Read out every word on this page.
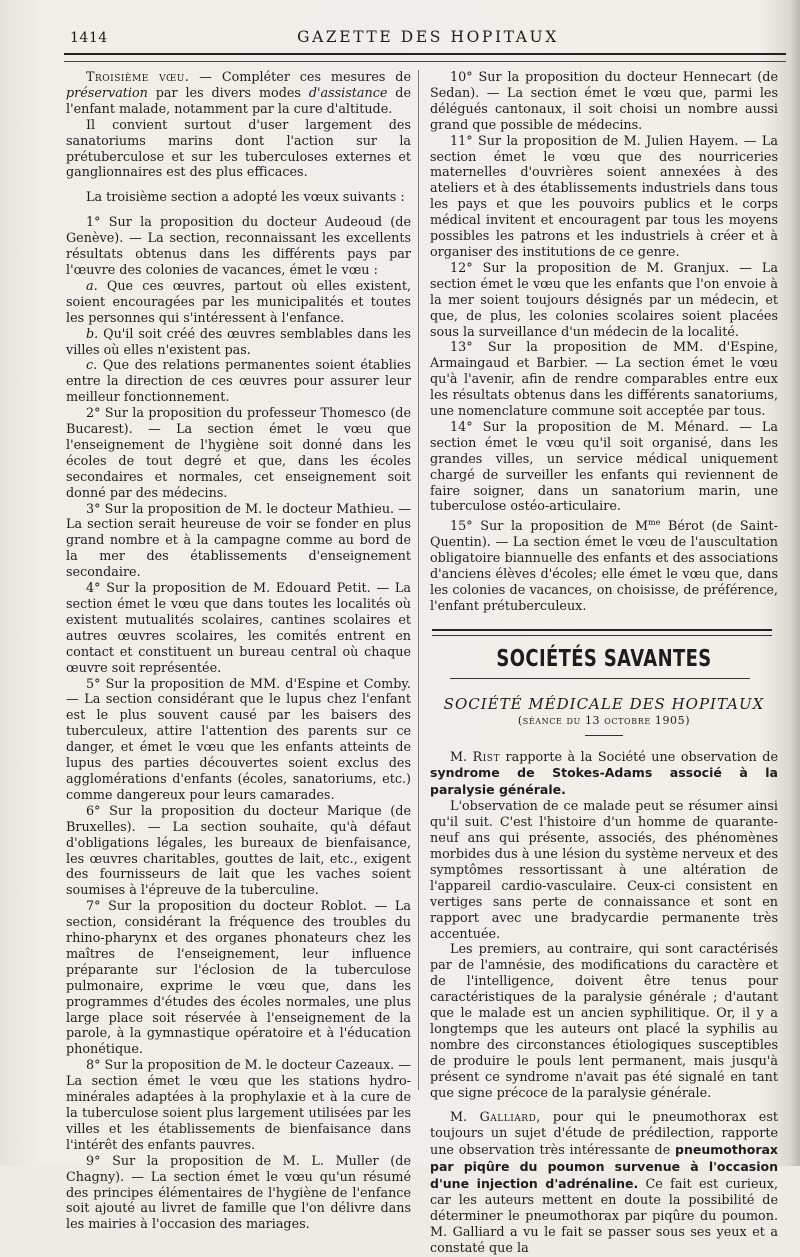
1414	GAZETTE DES HOPITAUX

Troisième vœu. — Compléter ces mesures de préservation par les divers modes d'assistance de l'enfant malade, notamment par la cure d'altitude.

Il convient surtout d'user largement des sanatoriums marins dont l'action sur la prétuberculose et sur les tuberculoses externes et ganglionnaires est des plus efficaces.

La troisième section a adopté les vœux suivants :

1° Sur la proposition du docteur Audeoud (de Genève). — La section, reconnaissant les excellents résultats obtenus dans les différents pays par l'œuvre des colonies de vacances, émet le vœu :

a. Que ces œuvres, partout où elles existent, soient encouragées par les municipalités et toutes les personnes qui s'intéressent à l'enfance.

b. Qu'il soit créé des œuvres semblables dans les villes où elles n'existent pas.

c. Que des relations permanentes soient établies entre la direction de ces œuvres pour assurer leur meilleur fonctionnement.

2° Sur la proposition du professeur Thomesco (de Bucarest). — La section émet le vœu que l'enseignement de l'hygiène soit donné dans les écoles de tout degré et que, dans les écoles secondaires et normales, cet enseignement soit donné par des médecins.

3° Sur la proposition de M. le docteur Mathieu. — La section serait heureuse de voir se fonder en plus grand nombre et à la campagne comme au bord de la mer des établissements d'enseignement secondaire.

4° Sur la proposition de M. Edouard Petit. — La section émet le vœu que dans toutes les localités où existent mutualités scolaires, cantines scolaires et autres œuvres scolaires, les comités entrent en contact et constituent un bureau central où chaque œuvre soit représentée.

5° Sur la proposition de MM. d'Espine et Comby. — La section considérant que le lupus chez l'enfant est le plus souvent causé par les baisers des tuberculeux, attire l'attention des parents sur ce danger, et émet le vœu que les enfants atteints de lupus des parties découvertes soient exclus des agglomérations d'enfants (écoles, sanatoriums, etc.) comme dangereux pour leurs camarades.

6° Sur la proposition du docteur Marique (de Bruxelles). — La section souhaite, qu'à défaut d'obligations légales, les bureaux de bienfaisance, les œuvres charitables, gouttes de lait, etc., exigent des fournisseurs de lait que les vaches soient soumises à l'épreuve de la tuberculine.

7° Sur la proposition du docteur Roblot. — La section, considérant la fréquence des troubles du rhino-pharynx et des organes phonateurs chez les maîtres de l'enseignement, leur influence préparante sur l'éclosion de la tuberculose pulmonaire, exprime le vœu que, dans les programmes d'études des écoles normales, une plus large place soit réservée à l'enseignement de la parole, à la gymnastique opératoire et à l'éducation phonétique.

8° Sur la proposition de M. le docteur Cazeaux. — La section émet le vœu que les stations hydro-minérales adaptées à la prophylaxie et à la cure de la tuberculose soient plus largement utilisées par les villes et les établissements de bienfaisance dans l'intérêt des enfants pauvres.

9° Sur la proposition de M. L. Muller (de Chagny). — La section émet le vœu qu'un résumé des principes élémentaires de l'hygiène de l'enfance soit ajouté au livret de famille que l'on délivre dans les mairies à l'occasion des mariages.

10° Sur la proposition du docteur Hennecart (de Sedan). — La section émet le vœu que, parmi les délégués cantonaux, il soit choisi un nombre aussi grand que possible de médecins.

11° Sur la proposition de M. Julien Hayem. — La section émet le vœu que des nourriceries maternelles d'ouvrières soient annexées à des ateliers et à des établissements industriels dans tous les pays et que les pouvoirs publics et le corps médical invitent et encouragent par tous les moyens possibles les patrons et les industriels à créer et à organiser des institutions de ce genre.

12° Sur la proposition de M. Granjux. — La section émet le vœu que les enfants que l'on envoie à la mer soient toujours désignés par un médecin, et que, de plus, les colonies scolaires soient placées sous la surveillance d'un médecin de la localité.

13° Sur la proposition de MM. d'Espine, Armaingaud et Barbier. — La section émet le vœu qu'à l'avenir, afin de rendre comparables entre eux les résultats obtenus dans les différents sanatoriums, une nomenclature commune soit acceptée par tous.

14° Sur la proposition de M. Ménard. — La section émet le vœu qu'il soit organisé, dans les grandes villes, un service médical uniquement chargé de surveiller les enfants qui reviennent de faire soigner, dans un sanatorium marin, une tuberculose ostéo-articulaire.

15° Sur la proposition de $M^{me}$ Bérot (de Saint-Quentin). — La section émet le vœu de l'auscultation obligatoire biannuelle des enfants et des associations d'anciens élèves d'écoles; elle émet le vœu que, dans les colonies de vacances, on choisisse, de préférence, l'enfant prétuberculeux.

SOCIÉTÉS SAVANTES

SOCIÉTÉ MÉDICALE DES HOPITAUX

(séance du 13 octobre 1905)

M. Rist rapporte à la Société une observation de syndrome de Stokes-Adams associé à la paralysie générale.

L'observation de ce malade peut se résumer ainsi qu'il suit. C'est l'histoire d'un homme de quarante-neuf ans qui présente, associés, des phénomènes morbides dus à une lésion du système nerveux et des symptômes ressortissant à une altération de l'appareil cardio-vasculaire. Ceux-ci consistent en vertiges sans perte de connaissance et sont en rapport avec une bradycardie permanente très accentuée.

Les premiers, au contraire, qui sont caractérisés par de l'amnésie, des modifications du caractère et de l'intelligence, doivent être tenus pour caractéristiques de la paralysie générale ; d'autant que le malade est un ancien syphilitique. Or, il y a longtemps que les auteurs ont placé la syphilis au nombre des circonstances étiologiques susceptibles de produire le pouls lent permanent, mais jusqu'à présent ce syndrome n'avait pas été signalé en tant que signe précoce de la paralysie générale.

M. Galliard, pour qui le pneumothorax est toujours un sujet d'étude de prédilection, rapporte une observation très intéressante de pneumothorax par piqûre du poumon survenue à l'occasion d'une injection d'adrénaline. Ce fait est curieux, car les auteurs mettent en doute la possibilité de déterminer le pneumothorax par piqûre du poumon. M. Galliard a vu le fait se passer sous ses yeux et a constaté que la
